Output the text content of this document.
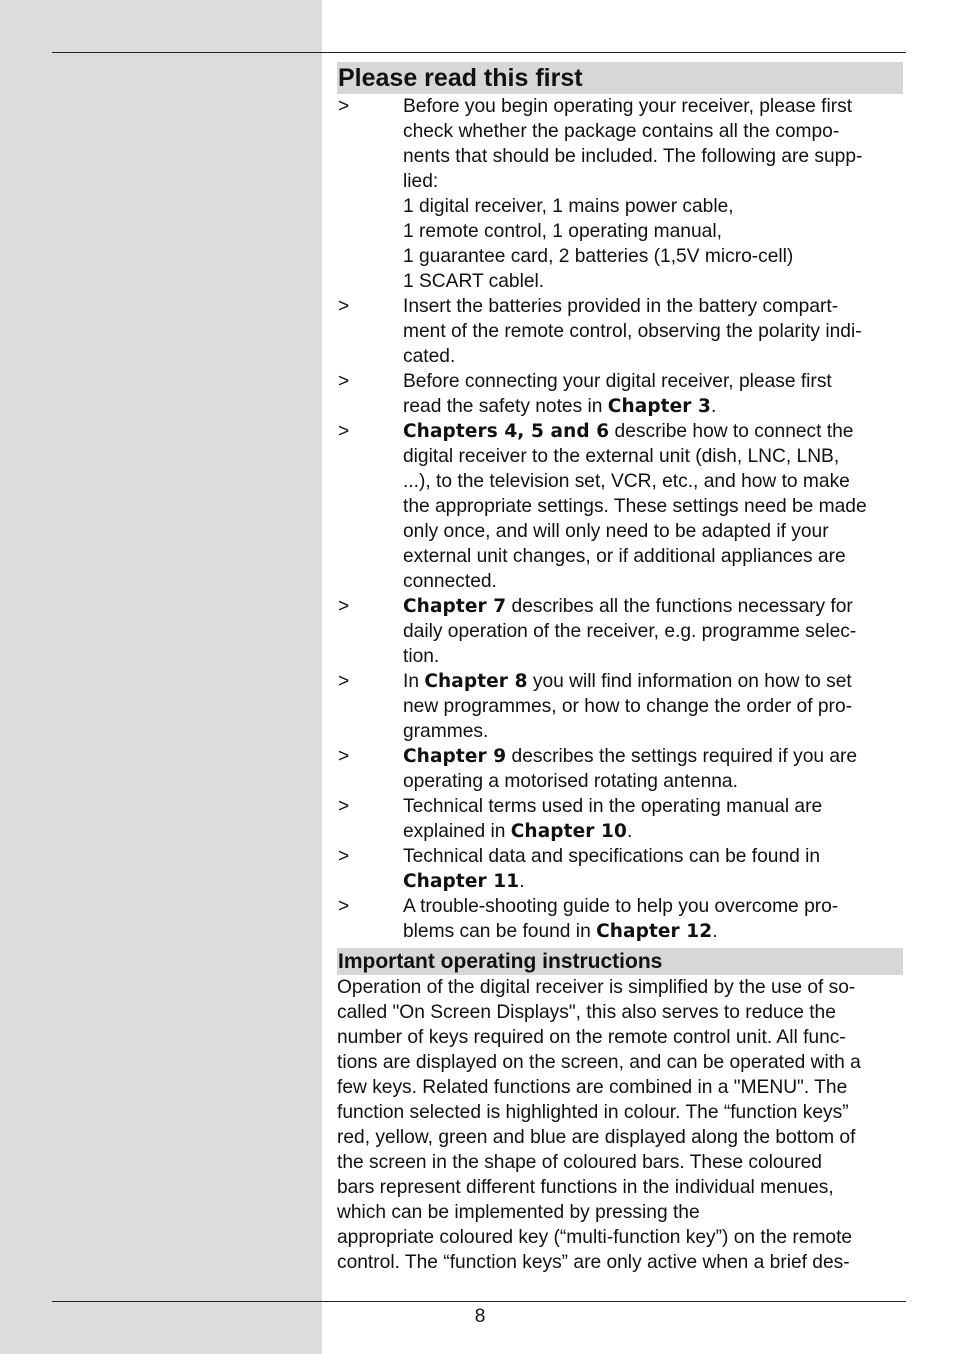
Please read this first
>	Before you begin operating your receiver, please first
check whether the package contains all the compo-
nents that should be included. The following are supp-
lied:
1 digital receiver, 1 mains power cable,
1 remote control, 1 operating manual,
1 guarantee card, 2 batteries (1,5V micro-cell)
1 SCART cablel.
>	Insert the batteries provided in the battery compart-
ment of the remote control, observing the polarity indi-
cated.
>	Before connecting your digital receiver, please first
read the safety notes in Chapter 3.
>	Chapters 4, 5 and 6 describe how to connect the
digital receiver to the external unit (dish, LNC, LNB,
...), to the television set, VCR, etc., and how to make
the appropriate settings. These settings need be made
only once, and will only need to be adapted if your
external unit changes, or if additional appliances are
connected.
>	Chapter 7 describes all the functions necessary for
daily operation of the receiver, e.g. programme selec-
tion.
>	In Chapter 8 you will find information on how to set
new programmes, or how to change the order of pro-
grammes.
>	Chapter 9 describes the settings required if you are
operating a motorised rotating antenna.
>	Technical terms used in the operating manual are
explained in Chapter 10.
>	Technical data and specifications can be found in
Chapter 11.
>	A trouble-shooting guide to help you overcome pro-
blems can be found in Chapter 12.
Important operating instructions
Operation of the digital receiver is simplified by the use of so-
called "On Screen Displays", this also serves to reduce the
number of keys required on the remote control unit. All func-
tions are displayed on the screen, and can be operated with a
few keys. Related functions are combined in a "MENU". The
function selected is highlighted in colour. The “function keys”
red, yellow, green and blue are displayed along the bottom of
the screen in the shape of coloured bars. These coloured
bars represent different functions in the individual menues,
which can be implemented by pressing the
appropriate coloured key (“multi-function key”) on the remote
control. The “function keys” are only active when a brief des-
8
